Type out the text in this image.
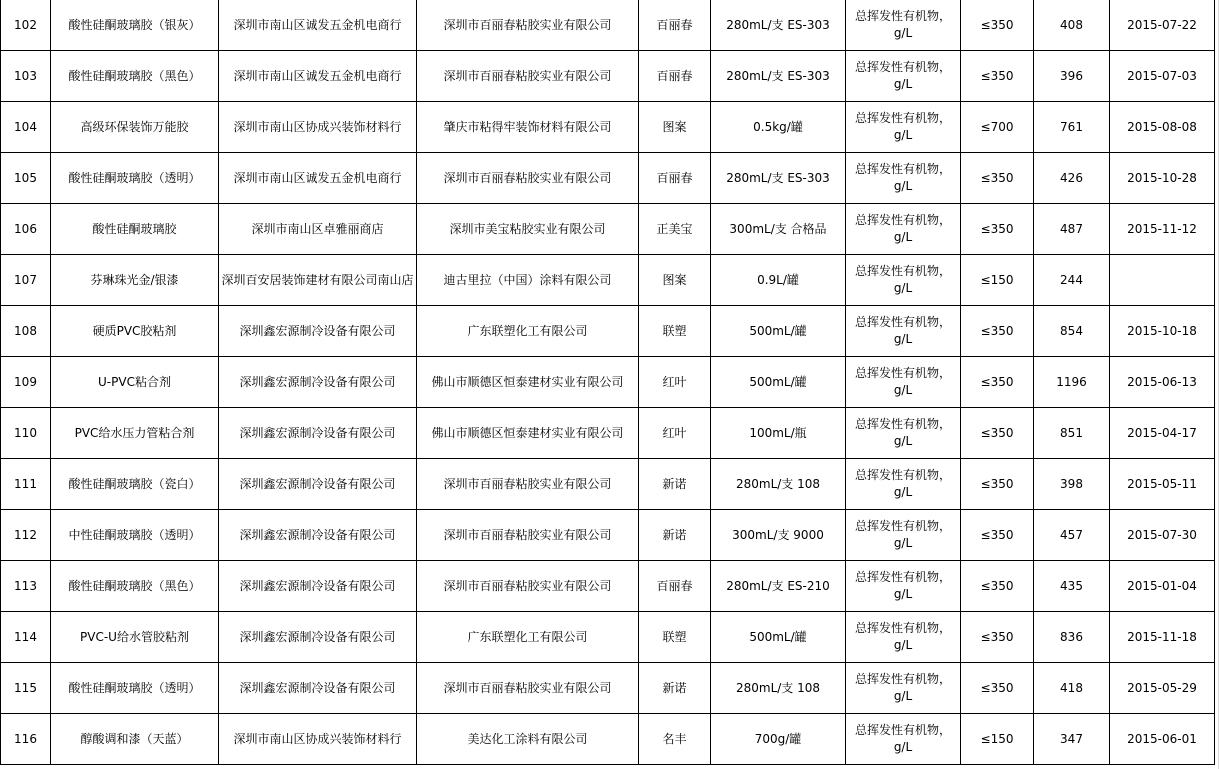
102	酸性硅酮玻璃胶（银灰）	深圳市南山区诚发五金机电商行	深圳市百丽春粘胶实业有限公司	百丽春	280mL/支 ES-303	总挥发性有机物，g/L	≤350	408	2015-07-22
103	酸性硅酮玻璃胶（黑色）	深圳市南山区诚发五金机电商行	深圳市百丽春粘胶实业有限公司	百丽春	280mL/支 ES-303	总挥发性有机物，g/L	≤350	396	2015-07-03
104	高级环保装饰万能胶	深圳市南山区协成兴装饰材料行	肇庆市粘得牢装饰材料有限公司	图案	0.5kg/罐	总挥发性有机物，g/L	≤700	761	2015-08-08
105	酸性硅酮玻璃胶（透明）	深圳市南山区诚发五金机电商行	深圳市百丽春粘胶实业有限公司	百丽春	280mL/支 ES-303	总挥发性有机物，g/L	≤350	426	2015-10-28
106	酸性硅酮玻璃胶	深圳市南山区卓雅丽商店	深圳市美宝粘胶实业有限公司	正美宝	300mL/支 合格品	总挥发性有机物，g/L	≤350	487	2015-11-12
107	芬琳珠光金/银漆	深圳百安居装饰建材有限公司南山店	迪古里拉（中国）涂料有限公司	图案	0.9L/罐	总挥发性有机物，g/L	≤150	244	
108	硬质PVC胶粘剂	深圳鑫宏源制冷设备有限公司	广东联塑化工有限公司	联塑	500mL/罐	总挥发性有机物，g/L	≤350	854	2015-10-18
109	U-PVC粘合剂	深圳鑫宏源制冷设备有限公司	佛山市顺德区恒泰建材实业有限公司	红叶	500mL/罐	总挥发性有机物，g/L	≤350	1196	2015-06-13
110	PVC给水压力管粘合剂	深圳鑫宏源制冷设备有限公司	佛山市顺德区恒泰建材实业有限公司	红叶	100mL/瓶	总挥发性有机物，g/L	≤350	851	2015-04-17
111	酸性硅酮玻璃胶（瓷白）	深圳鑫宏源制冷设备有限公司	深圳市百丽春粘胶实业有限公司	新诺	280mL/支 108	总挥发性有机物，g/L	≤350	398	2015-05-11
112	中性硅酮玻璃胶（透明）	深圳鑫宏源制冷设备有限公司	深圳市百丽春粘胶实业有限公司	新诺	300mL/支 9000	总挥发性有机物，g/L	≤350	457	2015-07-30
113	酸性硅酮玻璃胶（黑色）	深圳鑫宏源制冷设备有限公司	深圳市百丽春粘胶实业有限公司	百丽春	280mL/支 ES-210	总挥发性有机物，g/L	≤350	435	2015-01-04
114	PVC-U给水管胶粘剂	深圳鑫宏源制冷设备有限公司	广东联塑化工有限公司	联塑	500mL/罐	总挥发性有机物，g/L	≤350	836	2015-11-18
115	酸性硅酮玻璃胶（透明）	深圳鑫宏源制冷设备有限公司	深圳市百丽春粘胶实业有限公司	新诺	280mL/支 108	总挥发性有机物，g/L	≤350	418	2015-05-29
116	醇酸调和漆（天蓝）	深圳市南山区协成兴装饰材料行	美达化工涂料有限公司	名丰	700g/罐	总挥发性有机物，g/L	≤150	347	2015-06-01
